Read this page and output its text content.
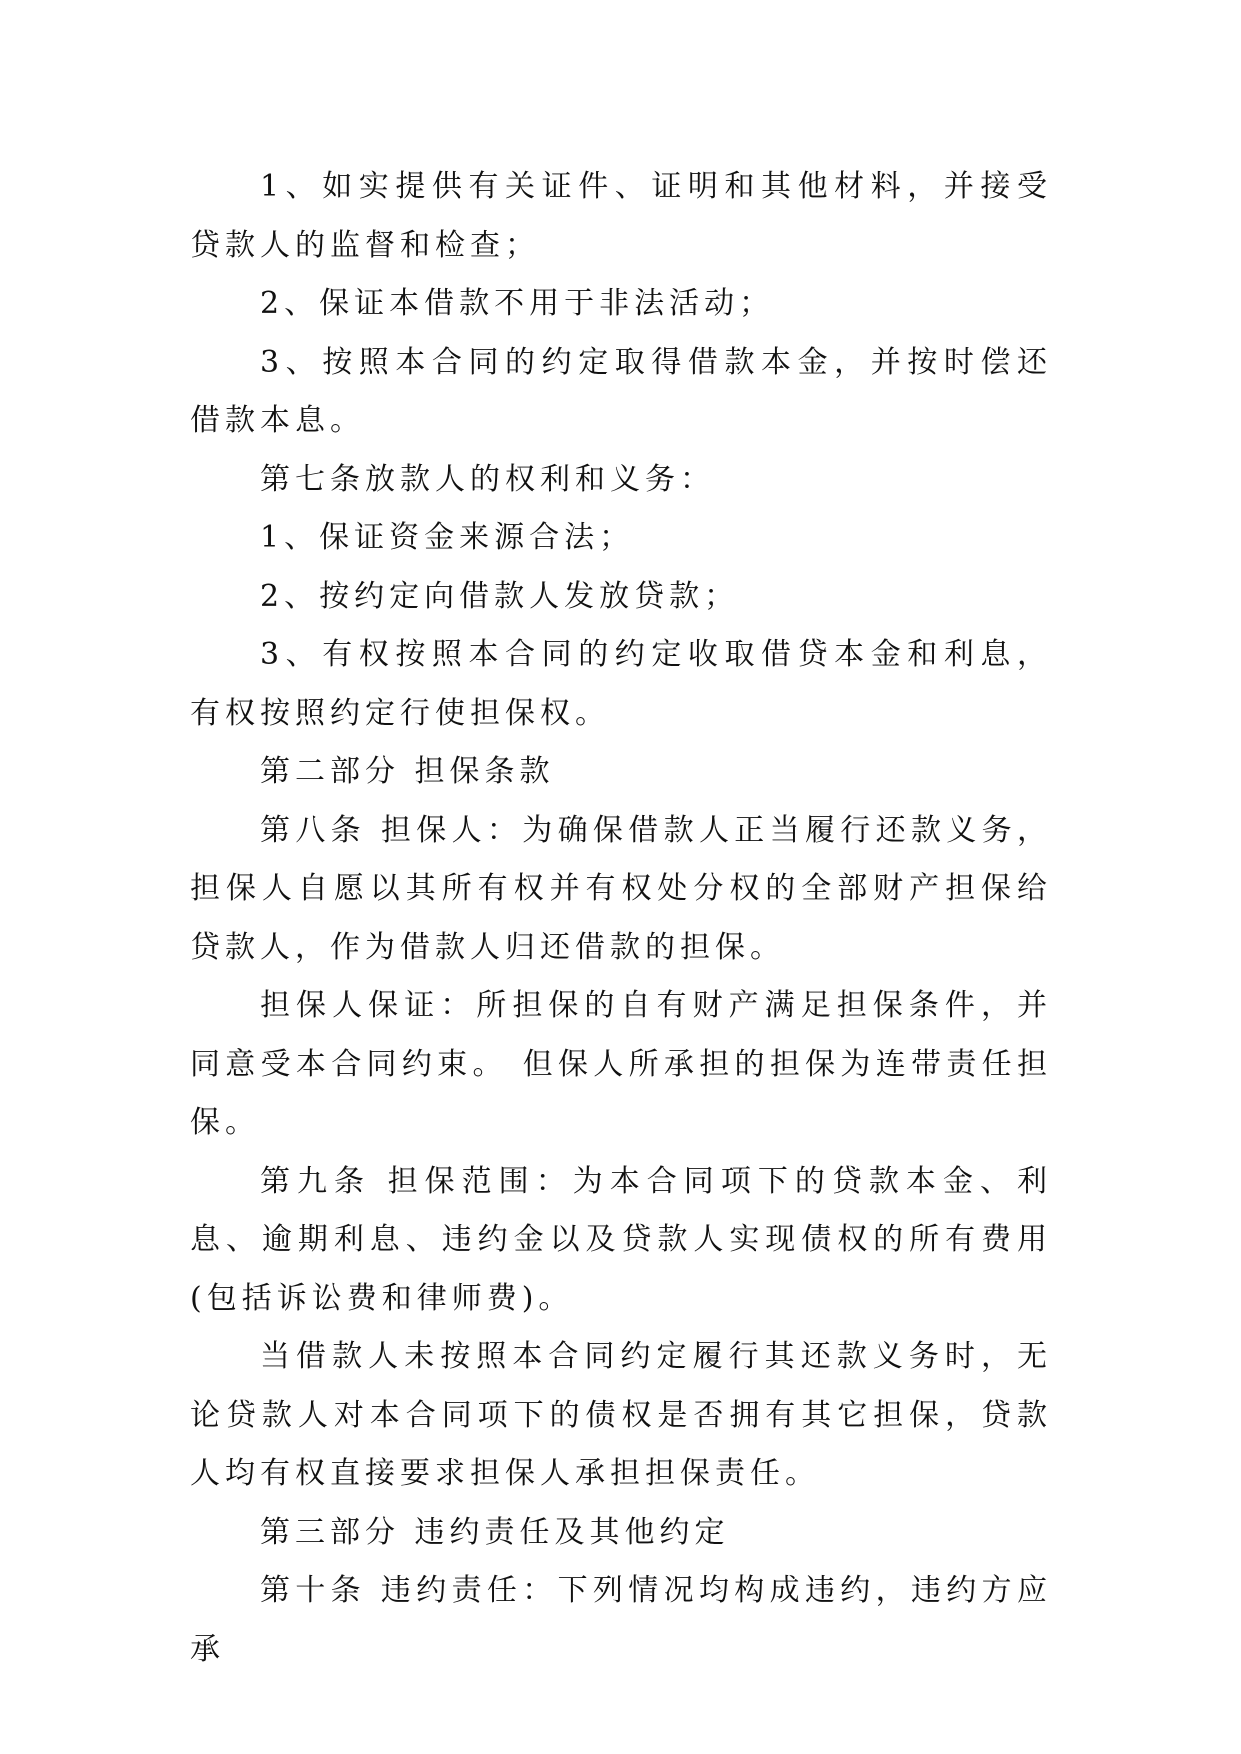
1、如实提供有关证件、证明和其他材料，并接受贷款人的监督和检查；

2、保证本借款不用于非法活动；

3、按照本合同的约定取得借款本金，并按时偿还借款本息。

第七条放款人的权利和义务：

1、保证资金来源合法；

2、按约定向借款人发放贷款；

3、有权按照本合同的约定收取借贷本金和利息，有权按照约定行使担保权。

第二部分 担保条款

第八条 担保人：为确保借款人正当履行还款义务，担保人自愿以其所有权并有权处分权的全部财产担保给贷款人，作为借款人归还借款的担保。

担保人保证：所担保的自有财产满足担保条件，并同意受本合同约束。 但保人所承担的担保为连带责任担保。

第九条 担保范围：为本合同项下的贷款本金、利息、逾期利息、违约金以及贷款人实现债权的所有费用(包括诉讼费和律师费)。

当借款人未按照本合同约定履行其还款义务时，无论贷款人对本合同项下的债权是否拥有其它担保，贷款人均有权直接要求担保人承担担保责任。

第三部分 违约责任及其他约定

第十条 违约责任：下列情况均构成违约，违约方应承
